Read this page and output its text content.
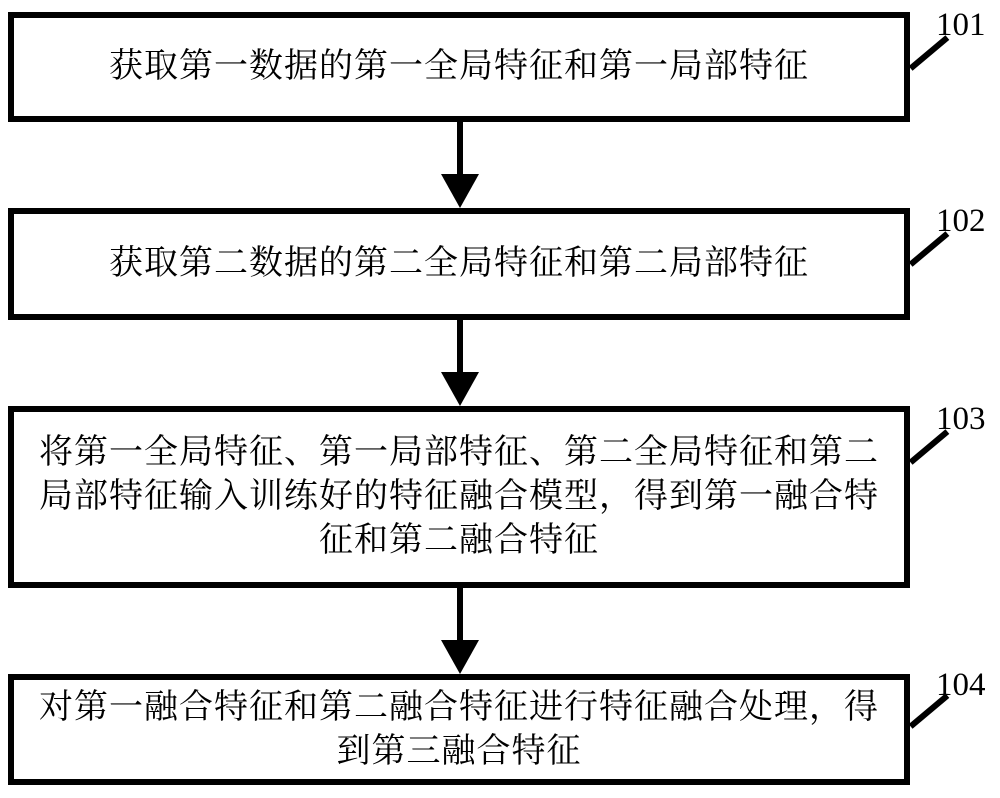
获取第一数据的第一全局特征和第一局部特征
101
获取第二数据的第二全局特征和第二局部特征
102
将第一全局特征、第一局部特征、第二全局特征和第二
局部特征输入训练好的特征融合模型，得到第一融合特
征和第二融合特征
103
对第一融合特征和第二融合特征进行特征融合处理，得
到第三融合特征
104
